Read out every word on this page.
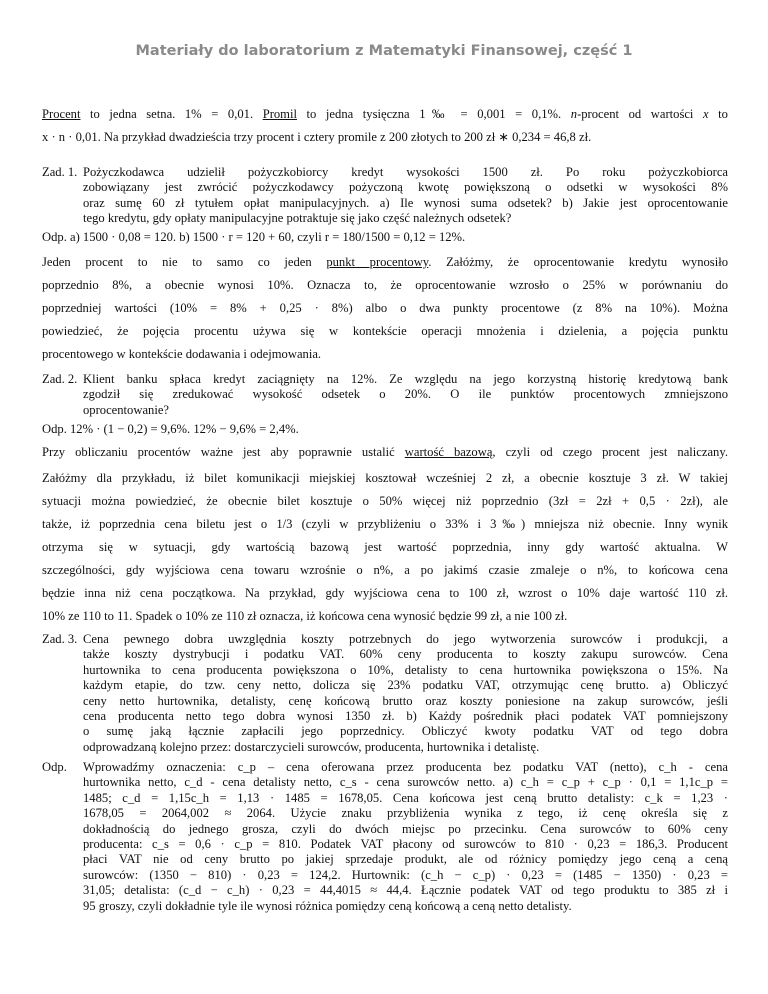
Materiały do laboratorium z Matematyki Finansowej, część 1
Procent to jedna setna. 1% = 0,01. Promil to jedna tysięczna 1‰ = 0,001 = 0,1%. n-procent od wartości x to
x · n · 0,01. Na przykład dwadzieścia trzy procent i cztery promile z 200 złotych to 200 zł ∗ 0,234 = 46,8 zł.
Zad. 1. Pożyczkodawca udzielił pożyczkobiorcy kredyt wysokości 1500 zł. Po roku pożyczkobiorca
zobowiązany jest zwrócić pożyczkodawcy pożyczoną kwotę powiększoną o odsetki w wysokości 8%
oraz sumę 60 zł tytułem opłat manipulacyjnych. a) Ile wynosi suma odsetek? b) Jakie jest oprocentowanie
tego kredytu, gdy opłaty manipulacyjne potraktuje się jako część należnych odsetek?
Odp. a) 1500 · 0,08 = 120. b) 1500 · r = 120 + 60, czyli r = 180/1500 = 0,12 = 12%.
Jeden procent to nie to samo co jeden punkt procentowy. Załóżmy, że oprocentowanie kredytu wynosiło
poprzednio 8%, a obecnie wynosi 10%. Oznacza to, że oprocentowanie wzrosło o 25% w porównaniu do
poprzedniej wartości (10% = 8% + 0,25 · 8%) albo o dwa punkty procentowe (z 8% na 10%). Można
powiedzieć, że pojęcia procentu używa się w kontekście operacji mnożenia i dzielenia, a pojęcia punktu
procentowego w kontekście dodawania i odejmowania.
Zad. 2. Klient banku spłaca kredyt zaciągnięty na 12%. Ze względu na jego korzystną historię kredytową bank
zgodził się zredukować wysokość odsetek o 20%. O ile punktów procentowych zmniejszono
oprocentowanie?
Odp. 12% · (1 − 0,2) = 9,6%. 12% − 9,6% = 2,4%.
Przy obliczaniu procentów ważne jest aby poprawnie ustalić wartość bazową, czyli od czego procent jest naliczany.
Załóżmy dla przykładu, iż bilet komunikacji miejskiej kosztował wcześniej 2 zł, a obecnie kosztuje 3 zł. W takiej
sytuacji można powiedzieć, że obecnie bilet kosztuje o 50% więcej niż poprzednio (3zł = 2zł + 0,5 · 2zł), ale
także, iż poprzednia cena biletu jest o 1/3 (czyli w przybliżeniu o 33% i 3‰) mniejsza niż obecnie. Inny wynik
otrzyma się w sytuacji, gdy wartością bazową jest wartość poprzednia, inny gdy wartość aktualna. W
szczególności, gdy wyjściowa cena towaru wzrośnie o n%, a po jakimś czasie zmaleje o n%, to końcowa cena
będzie inna niż cena początkowa. Na przykład, gdy wyjściowa cena to 100 zł, wzrost o 10% daje wartość 110 zł.
10% ze 110 to 11. Spadek o 10% ze 110 zł oznacza, iż końcowa cena wynosić będzie 99 zł, a nie 100 zł.
Zad. 3. Cena pewnego dobra uwzględnia koszty potrzebnych do jego wytworzenia surowców i produkcji, a
także koszty dystrybucji i podatku VAT. 60% ceny producenta to koszty zakupu surowców. Cena
hurtownika to cena producenta powiększona o 10%, detalisty to cena hurtownika powiększona o 15%. Na
każdym etapie, do tzw. ceny netto, dolicza się 23% podatku VAT, otrzymując cenę brutto. a) Obliczyć
ceny netto hurtownika, detalisty, cenę końcową brutto oraz koszty poniesione na zakup surowców, jeśli
cena producenta netto tego dobra wynosi 1350 zł. b) Każdy pośrednik płaci podatek VAT pomniejszony
o sumę jaką łącznie zapłacili jego poprzednicy. Obliczyć kwoty podatku VAT od tego dobra
odprowadzaną kolejno przez: dostarczycieli surowców, producenta, hurtownika i detalistę.
Odp. Wprowadźmy oznaczenia: c_p – cena oferowana przez producenta bez podatku VAT (netto), c_h - cena
hurtownika netto, c_d - cena detalisty netto, c_s - cena surowców netto. a) c_h = c_p + c_p · 0,1 = 1,1c_p =
1485; c_d = 1,15c_h = 1,13 · 1485 = 1678,05. Cena końcowa jest ceną brutto detalisty: c_k = 1,23 ·
1678,05 = 2064,002 ≈ 2064. Użycie znaku przybliżenia wynika z tego, iż cenę określa się z
dokładnością do jednego grosza, czyli do dwóch miejsc po przecinku. Cena surowców to 60% ceny
producenta: c_s = 0,6 · c_p = 810. Podatek VAT płacony od surowców to 810 · 0,23 = 186,3. Producent
płaci VAT nie od ceny brutto po jakiej sprzedaje produkt, ale od różnicy pomiędzy jego ceną a ceną
surowców: (1350 − 810) · 0,23 = 124,2. Hurtownik: (c_h − c_p) · 0,23 = (1485 − 1350) · 0,23 =
31,05; detalista: (c_d − c_h) · 0,23 = 44,4015 ≈ 44,4. Łącznie podatek VAT od tego produktu to 385 zł i
95 groszy, czyli dokładnie tyle ile wynosi różnica pomiędzy ceną końcową a ceną netto detalisty.
